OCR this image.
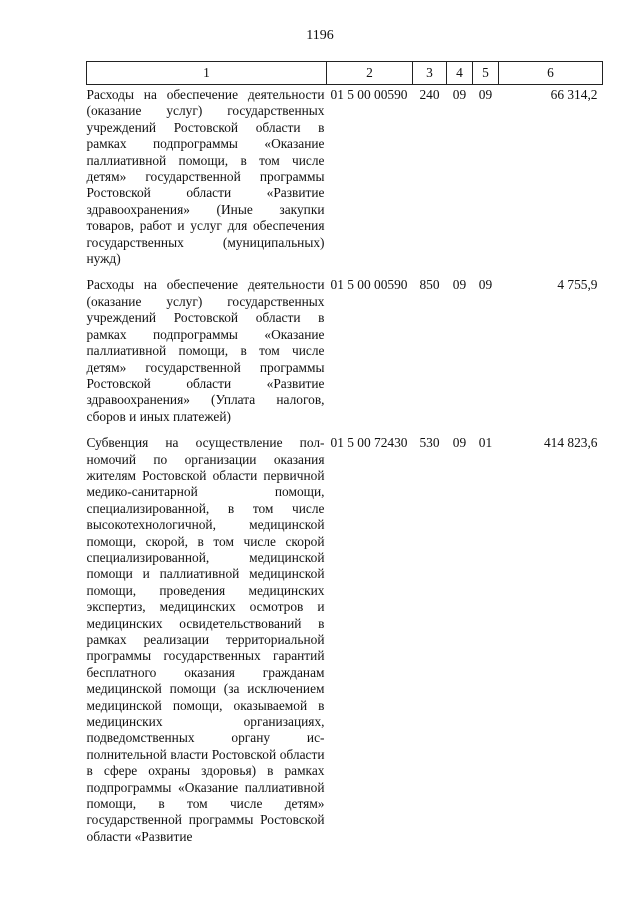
1196
1	2	3	4	5	6
Расходы на обеспечение деятельности (оказание услуг) государственных учреждений Ростовской области в рамках подпрограммы «Оказание паллиативной помощи, в том числе детям» государственной программы Ростовской области «Развитие здравоохранения» (Иные закупки товаров, работ и услуг для обеспечения государственных (муниципальных) нужд)	01 5 00 00590	240	09	09	66 314,2
Расходы на обеспечение деятельности (оказание услуг) государственных учреждений Ростовской области в рамках подпрограммы «Оказание паллиативной помощи, в том числе детям» государственной программы Ростовской области «Развитие здравоохранения» (Уплата налогов, сборов и иных платежей)	01 5 00 00590	850	09	09	4 755,9
Субвенция на осуществление полномочий по организации оказания жителям Ростовской области первичной медико-санитарной помощи, специализированной, в том числе высокотехнологичной, медицинской помощи, скорой, в том числе скорой специализированной, медицинской помощи и паллиативной медицинской помощи, проведения медицинских экспертиз, медицинских осмотров и медицинских освидетельствований в рамках реализации территориальной программы государственных гарантий бесплатного оказания гражданам медицинской помощи (за исключением медицинской помощи, оказываемой в медицинских организациях, подведомственных органу исполнительной власти Ростовской области в сфере охраны здоровья) в рамках подпрограммы «Оказание паллиативной помощи, в том числе детям» государственной программы Ростовской области «Развитие	01 5 00 72430	530	09	01	414 823,6
